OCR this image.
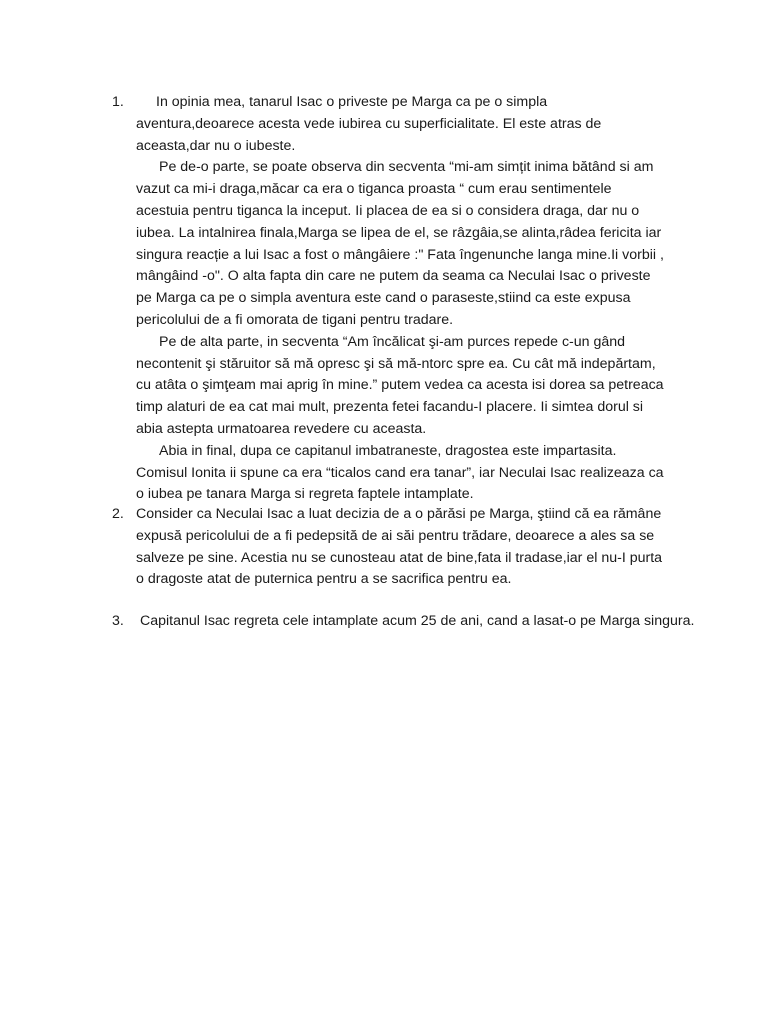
1.	In opinia mea, tanarul Isac o priveste pe Marga ca pe o simpla aventura,deoarece acesta vede iubirea cu superficialitate. El este atras de aceasta,dar nu o iubeste.

Pe de-o parte, se poate observa din secventa “mi-am simțit inima bătând si am vazut ca mi-i draga,măcar ca era o tiganca proasta “ cum erau sentimentele acestuia pentru tiganca la inceput. Ii placea de ea si o considera draga, dar nu o iubea. La intalnirea finala,Marga se lipea de el, se râzgâia,se alinta,râdea fericita iar singura reacție a lui Isac a fost o mângâiere :" Fata îngenunche langa mine.Ii vorbii , mângâind -o". O alta fapta din care ne putem da seama ca Neculai Isac o priveste pe Marga ca pe o simpla aventura este cand o paraseste,stiind ca este expusa pericolului de a fi omorata de tigani pentru tradare.

Pe de alta parte, in secventa “Am încălicat şi-am purces repede c-un gând necontenit şi stăruitor să mă opresc şi să mă-ntorc spre ea. Cu cât mă indepărtam, cu atâta o şimţeam mai aprig în mine.” putem vedea ca acesta isi dorea sa petreaca timp alaturi de ea cat mai mult, prezenta fetei facandu-I placere. Ii simtea dorul si abia astepta urmatoarea revedere cu aceasta.

Abia in final, dupa ce capitanul imbatraneste, dragostea este impartasita. Comisul Ionita ii spune ca era “ticalos cand era tanar”, iar Neculai Isac realizeaza ca o iubea pe tanara Marga si regreta faptele intamplate.

2. Consider ca Neculai Isac a luat decizia de a o părăsi pe Marga, ştiind că ea rămâne expusă pericolului de a fi pedepsită de ai săi pentru trădare, deoarece a ales sa se salveze pe sine. Acestia nu se cunosteau atat de bine,fata il tradase,iar el nu-I purta o dragoste atat de puternica pentru a se sacrifica pentru ea.

3. Capitanul Isac regreta cele intamplate acum 25 de ani, cand a lasat-o pe Marga singura.
